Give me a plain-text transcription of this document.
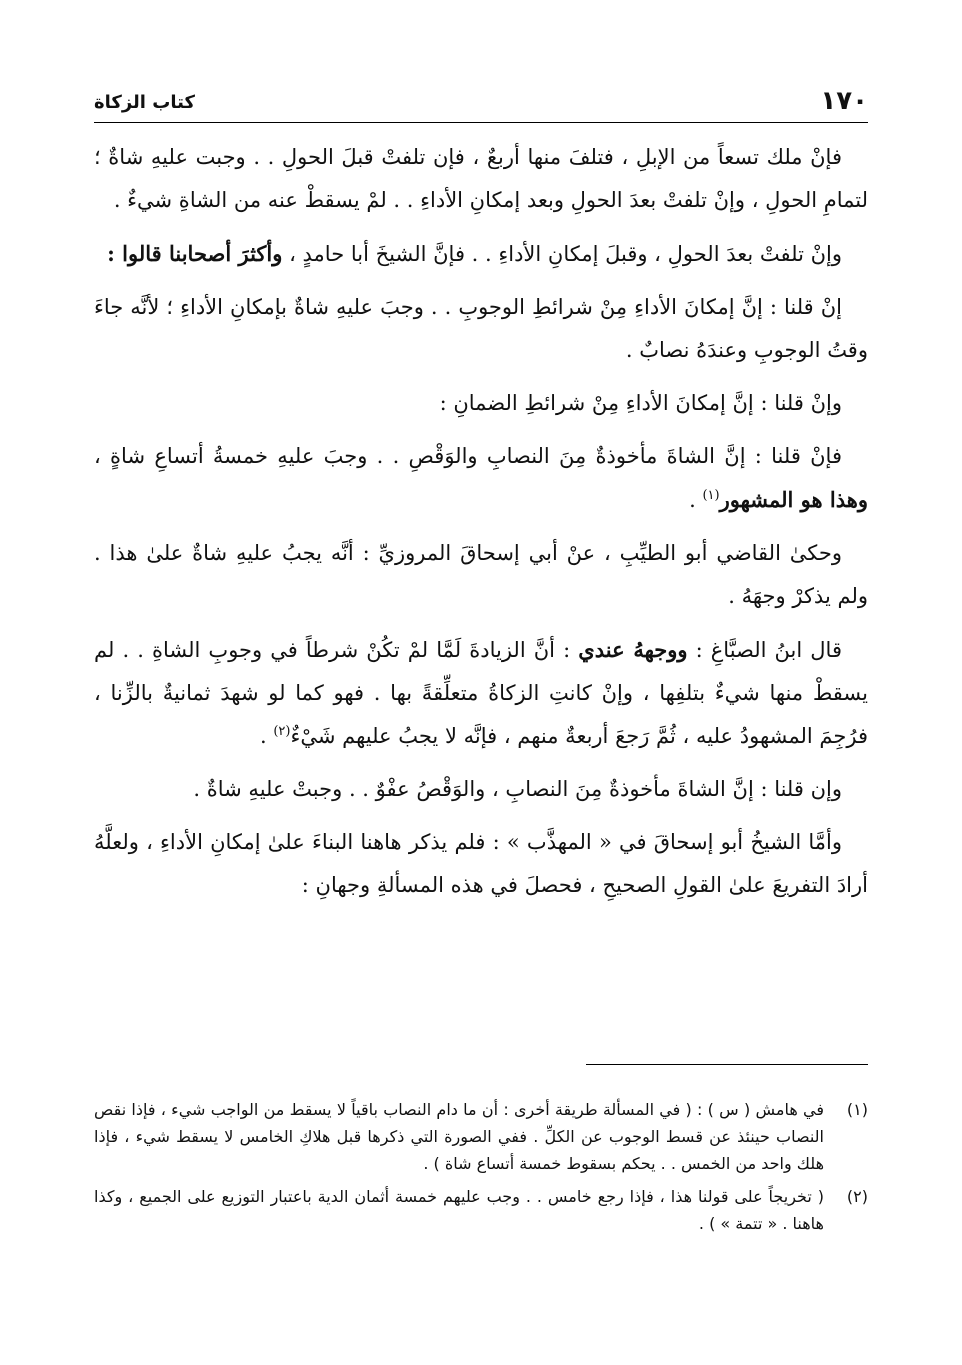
١٧٠
كتاب الزكاة

فإنْ ملك تسعاً من الإبلِ ، فتلفَ منها أربعٌ ، فإن تلفتْ قبلَ الحولِ . . وجبت عليهِ شاةٌ ؛ لتمامِ الحولِ ، وإنْ تلفتْ بعدَ الحولِ وبعد إمكانِ الأداءِ . . لمْ يسقطْ عنه من الشاةِ شيءٌ .

وإنْ تلفتْ بعدَ الحولِ ، وقبلَ إمكانِ الأداءِ . . فإنَّ الشيخَ أبا حامدٍ ، وأكثرَ أصحابنا قالوا :

إنْ قلنا : إنَّ إمكانَ الأداءِ مِنْ شرائطِ الوجوبِ . . وجبَ عليهِ شاةٌ بإمكانِ الأداءِ ؛ لأنَّه جاءَ وقتُ الوجوبِ وعندَهُ نصابٌ .

وإنْ قلنا : إنَّ إمكانَ الأداءِ مِنْ شرائطِ الضمانِ :

فإنْ قلنا : إنَّ الشاةَ مأخوذةٌ مِنَ النصابِ والوَقْصِ . . وجبَ عليهِ خمسةُ أتساعِ شاةٍ ، وهذا هو المشهور$^{(١)}$ .

وحكىٰ القاضي أبو الطيِّبِ ، عنْ أبي إسحاقَ المروزيِّ : أنَّه يجبُ عليهِ شاةٌ علىٰ هذا . ولم يذكرْ وجهَهُ .

قال ابنُ الصبَّاغِ : ووجههُ عندي : أنَّ الزيادةَ لَمَّا لمْ تكُنْ شرطاً في وجوبِ الشاةِ . . لم يسقطْ منها شيءٌ بتلفِها ، وإنْ كانتِ الزكاةُ متعلِّقةً بها . فهو كما لو شهدَ ثمانيةٌ بالزِّنا ، فرُجِمَ المشهودُ عليه ، ثُمَّ رَجعَ أربعةٌ منهم ، فإنَّه لا يجبُ عليهم شَيْءٌ$^{(٢)}$ .

وإن قلنا : إنَّ الشاةَ مأخوذةٌ مِنَ النصابِ ، والوَقْصُ عفْوٌ . . وجبتْ عليهِ شاةٌ .

وأمَّا الشيخُ أبو إسحاقَ في « المهذَّب » : فلم يذكر هاهنا البناءَ علىٰ إمكانِ الأداءِ ، ولعلَّهُ أرادَ التفريعَ علىٰ القولِ الصحيحِ ، فحصلَ في هذه المسألةِ وجهانِ :

(١)
في هامش ( س ) : ( في المسألة طريقة أخرى : أن ما دام النصاب باقياً لا يسقط من الواجب شيء ، فإذا نقص النصاب حينئذ عن قسط الوجوب عن الكلِّ . ففي الصورة التي ذكرها قبل هلاكِ الخامس لا يسقط شيء ، فإذا هلك واحد من الخمس . . يحكم بسقوط خمسة أتساع شاة ) .
(٢)
( تخريجاً على قولنا هذا ، فإذا رجع خامس . . وجب عليهم خمسة أثمان الدية باعتبار التوزيع على الجميع ، وكذا هاهنا . « تتمة » ) .
